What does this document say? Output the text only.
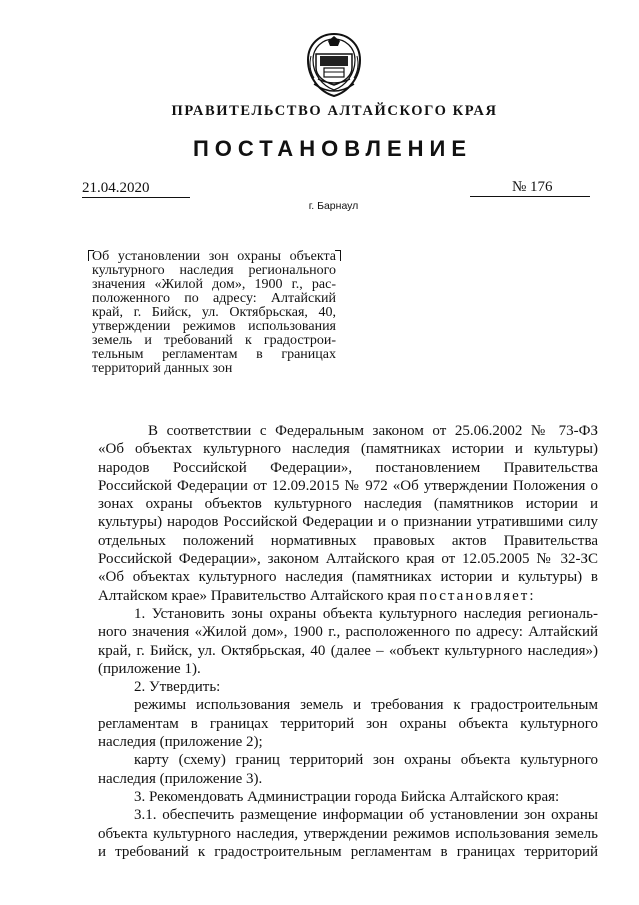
ПРАВИТЕЛЬСТВО АЛТАЙСКОГО КРАЯ
ПОСТАНОВЛЕНИЕ
21.04.2020	№ 176
г. Барнаул
Об установлении зон охраны объекта
культурного наследия регионального
значения «Жилой дом», 1900 г., рас-
положенного по адресу: Алтайский
край, г. Бийск, ул. Октябрьская, 40,
утверждении режимов использования
земель и требований к градострои-
тельным регламентам в границах
территорий данных зон
В соответствии с Федеральным законом от 25.06.2002 № 73-ФЗ
«Об объектах культурного наследия (памятниках истории и культуры)
народов Российской Федерации», постановлением Правительства
Российской Федерации от 12.09.2015 № 972 «Об утверждении Положения о
зонах охраны объектов культурного наследия (памятников истории и
культуры) народов Российской Федерации и о признании утратившими силу
отдельных положений нормативных правовых актов Правительства
Российской Федерации», законом Алтайского края от 12.05.2005 № 32-ЗС
«Об объектах культурного наследия (памятниках истории и культуры) в
Алтайском крае» Правительство Алтайского края постановляет:
1. Установить зоны охраны объекта культурного наследия региональ-
ного значения «Жилой дом», 1900 г., расположенного по адресу: Алтайский
край, г. Бийск, ул. Октябрьская, 40 (далее – «объект культурного наследия»)
(приложение 1).
2. Утвердить:
режимы использования земель и требования к градостроительным
регламентам в границах территорий зон охраны объекта культурного
наследия (приложение 2);
карту (схему) границ территорий зон охраны объекта культурного
наследия (приложение 3).
3. Рекомендовать Администрации города Бийска Алтайского края:
3.1. обеспечить размещение информации об установлении зон охраны
объекта культурного наследия, утверждении режимов использования земель
и требований к градостроительным регламентам в границах территорий
